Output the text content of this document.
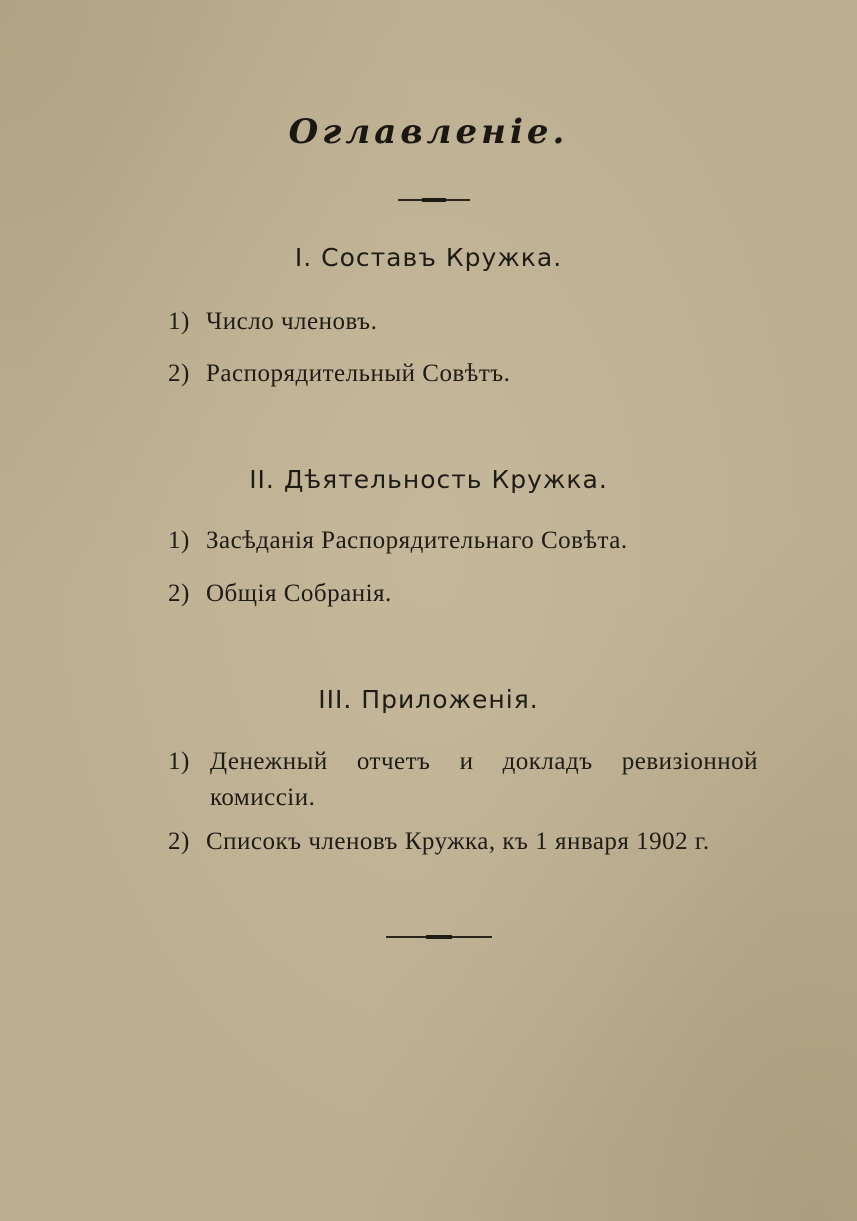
Оглавленіе.
I. Составъ Кружка.
1) Число членовъ.
2) Распорядительный Совѣтъ.
II. Дѣятельность Кружка.
1) Засѣданія Распорядительнаго Совѣта.
2) Общія Собранія.
III. Приложенія.
1) Денежный отчетъ и докладъ ревизіонной комиссіи.
2) Списокъ членовъ Кружка, къ 1 января 1902 г.
